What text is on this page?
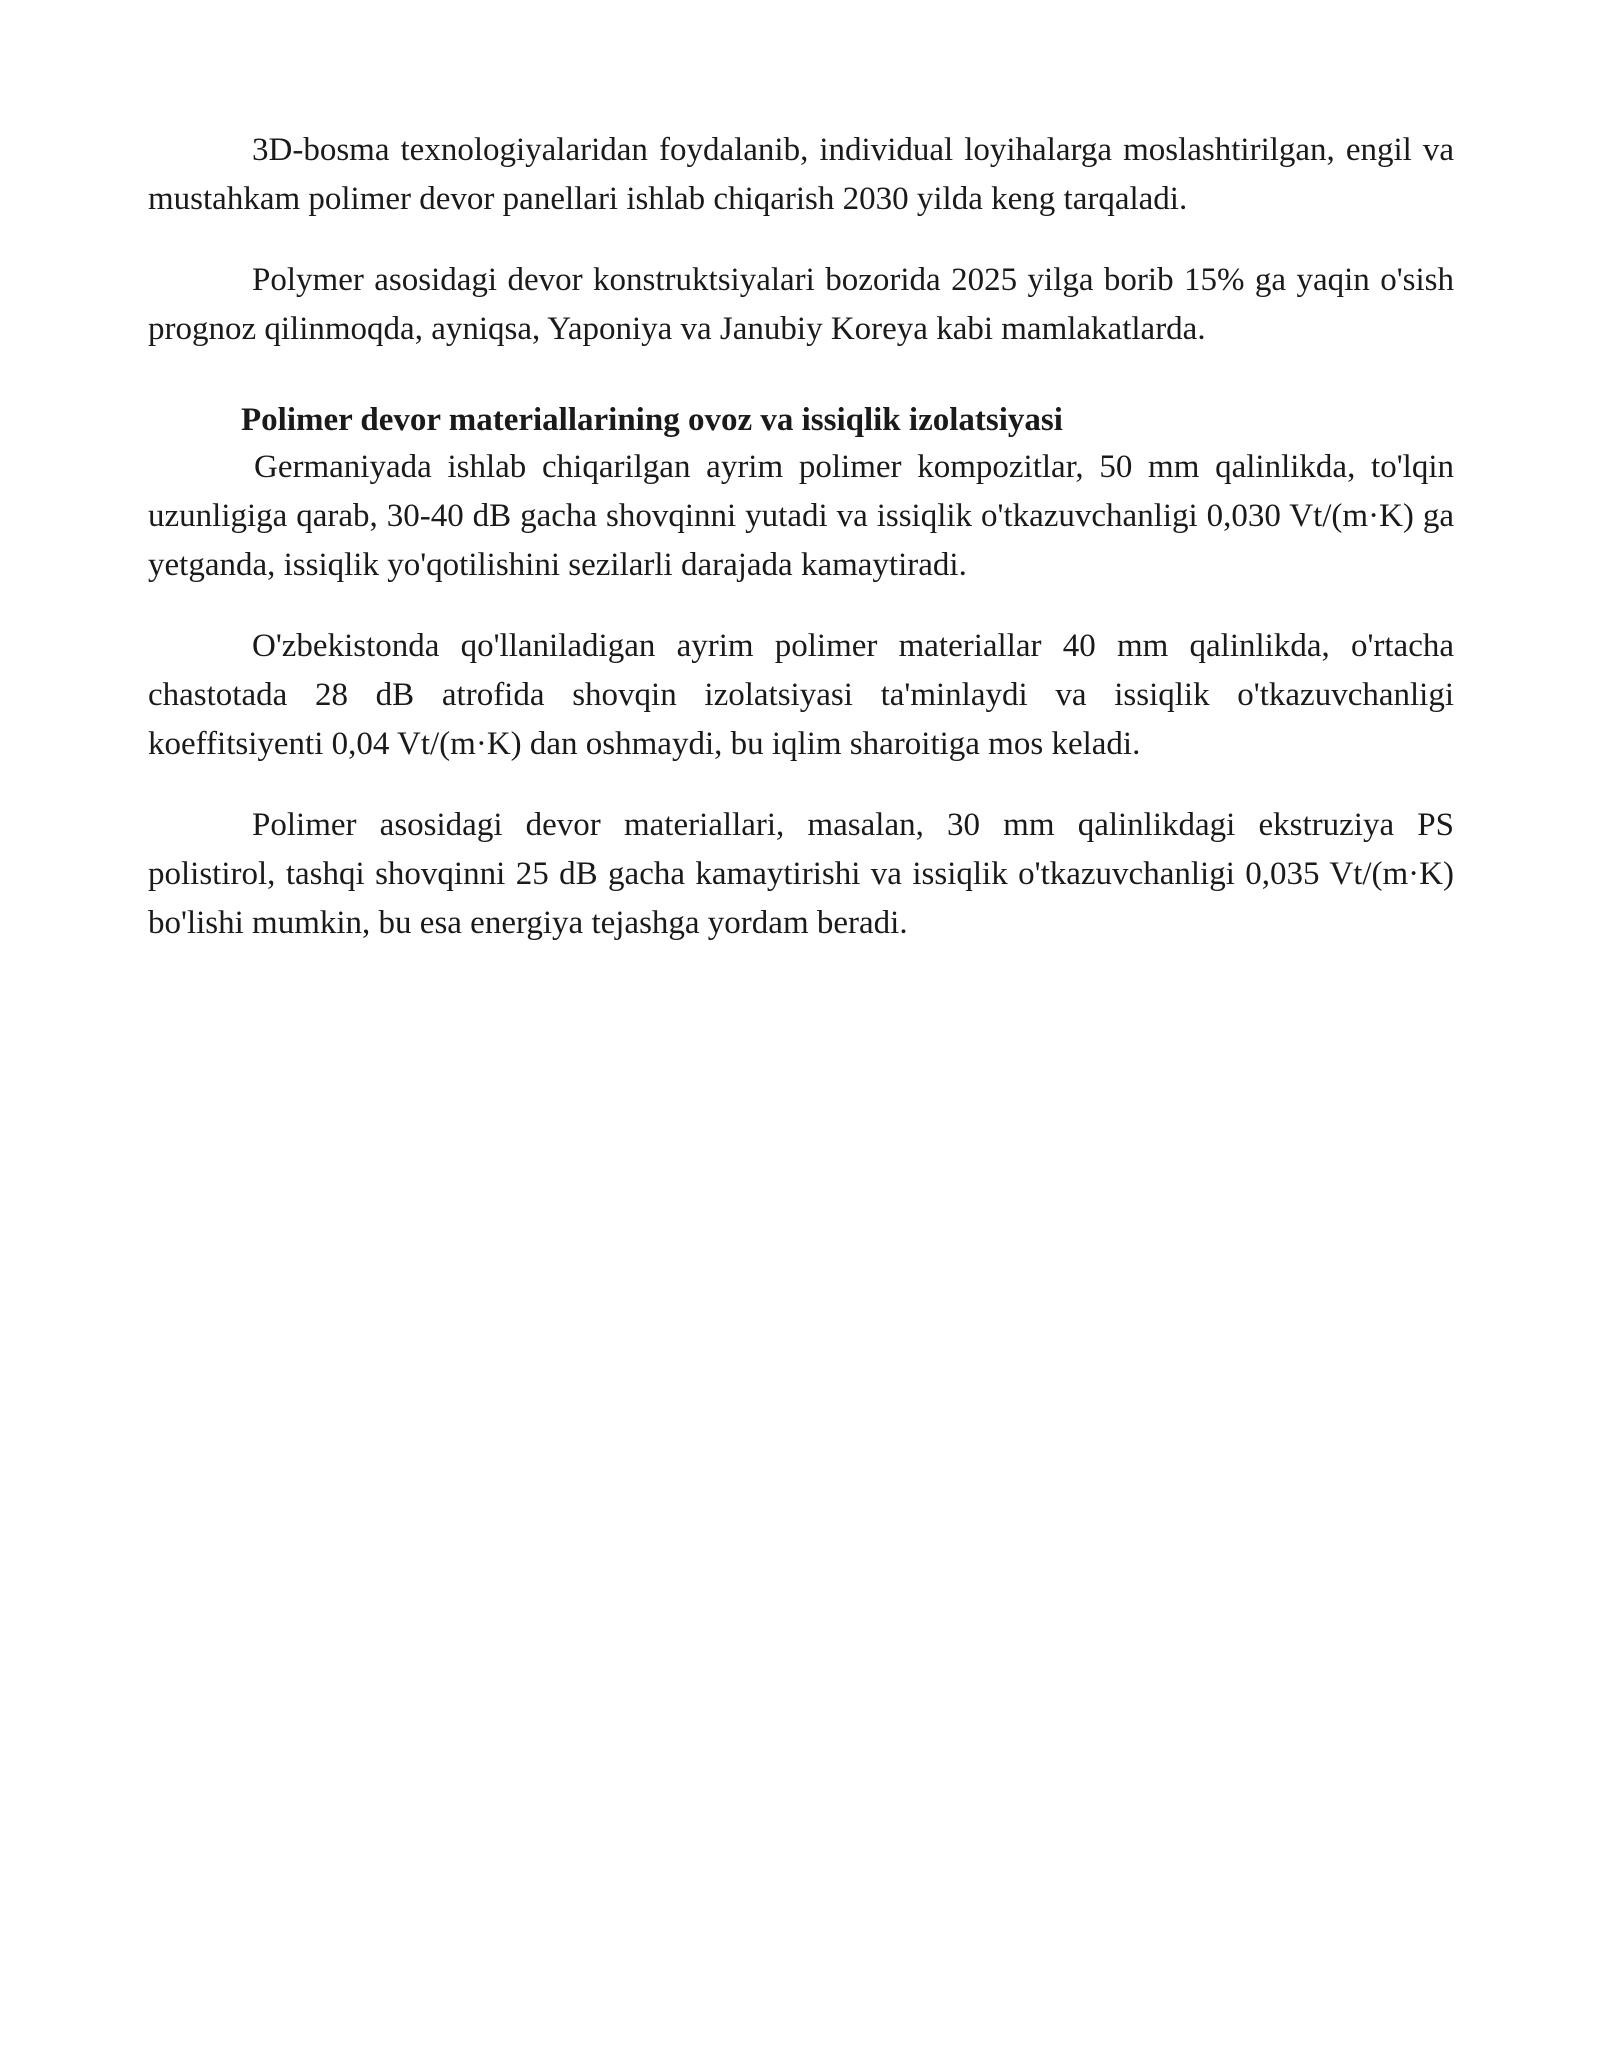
3D-bosma texnologiyalaridan foydalanib, individual loyihalarga moslashtirilgan, engil va mustahkam polimer devor panellari ishlab chiqarish 2030 yilda keng tarqaladi.

Polymer asosidagi devor konstruktsiyalari bozorida 2025 yilga borib 15% ga yaqin o'sish prognoz qilinmoqda, ayniqsa, Yaponiya va Janubiy Koreya kabi mamlakatlarda.

Polimer devor materiallarining ovoz va issiqlik izolatsiyasi

Germaniyada ishlab chiqarilgan ayrim polimer kompozitlar, 50 mm qalinlikda, to'lqin uzunligiga qarab, 30-40 dB gacha shovqinni yutadi va issiqlik o'tkazuvchanligi 0,030 Vt/(m·K) ga yetganda, issiqlik yo'qotilishini sezilarli darajada kamaytiradi.

O'zbekistonda qo'llaniladigan ayrim polimer materiallar 40 mm qalinlikda, o'rtacha chastotada 28 dB atrofida shovqin izolatsiyasi ta'minlaydi va issiqlik o'tkazuvchanligi koeffitsiyenti 0,04 Vt/(m·K) dan oshmaydi, bu iqlim sharoitiga mos keladi.

Polimer asosidagi devor materiallari, masalan, 30 mm qalinlikdagi ekstruziya PS polistirol, tashqi shovqinni 25 dB gacha kamaytirishi va issiqlik o'tkazuvchanligi 0,035 Vt/(m·K) bo'lishi mumkin, bu esa energiya tejashga yordam beradi.
